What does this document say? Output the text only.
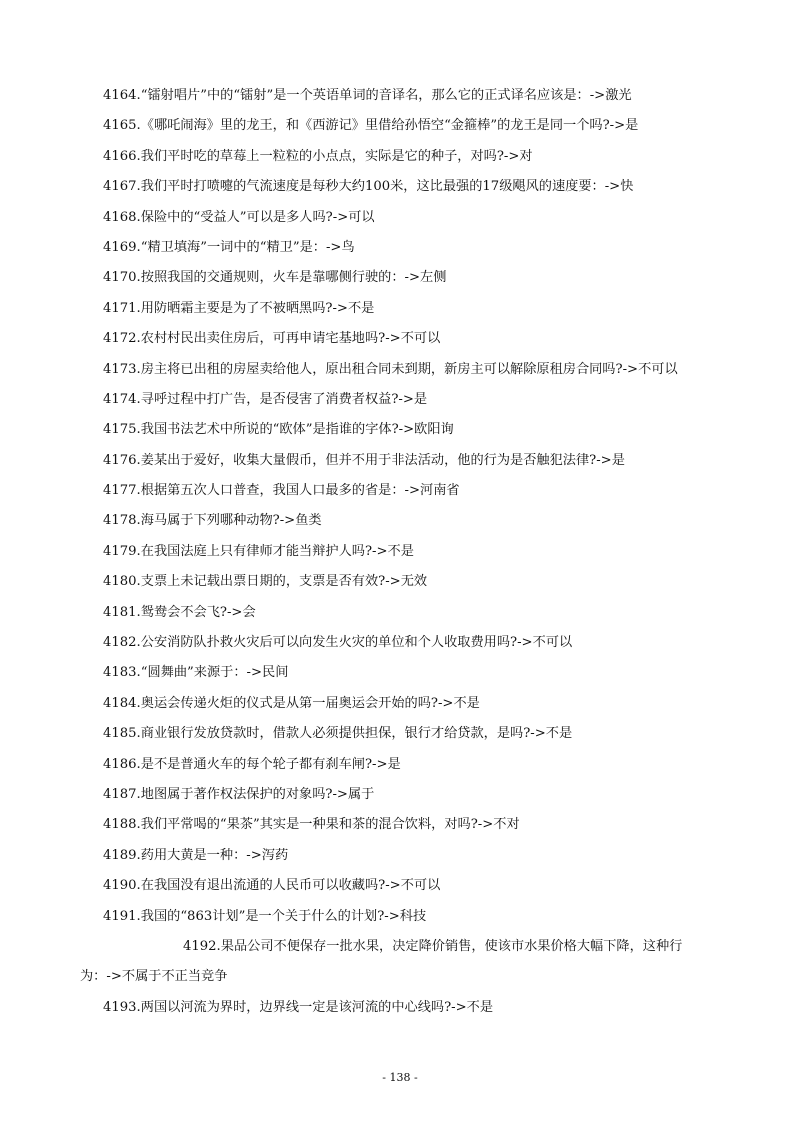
4164.“镭射唱片”中的“镭射”是一个英语单词的音译名，那么它的正式译名应该是：->激光
4165.《哪吒闹海》里的龙王，和《西游记》里借给孙悟空“金箍棒”的龙王是同一个吗?->是
4166.我们平时吃的草莓上一粒粒的小点点，实际是它的种子，对吗?->对
4167.我们平时打喷嚏的气流速度是每秒大约100米，这比最强的17级飓风的速度要：->快
4168.保险中的“受益人”可以是多人吗?->可以
4169.“精卫填海”一词中的“精卫”是：->鸟
4170.按照我国的交通规则，火车是靠哪侧行驶的：->左侧
4171.用防晒霜主要是为了不被晒黑吗?->不是
4172.农村村民出卖住房后，可再申请宅基地吗?->不可以
4173.房主将已出租的房屋卖给他人，原出租合同未到期，新房主可以解除原租房合同吗?->不可以
4174.寻呼过程中打广告，是否侵害了消费者权益?->是
4175.我国书法艺术中所说的“欧体”是指谁的字体?->欧阳询
4176.姜某出于爱好，收集大量假币，但并不用于非法活动，他的行为是否触犯法律?->是
4177.根据第五次人口普查，我国人口最多的省是：->河南省
4178.海马属于下列哪种动物?->鱼类
4179.在我国法庭上只有律师才能当辩护人吗?->不是
4180.支票上未记载出票日期的，支票是否有效?->无效
4181.鸳鸯会不会飞?->会
4182.公安消防队扑救火灾后可以向发生火灾的单位和个人收取费用吗?->不可以
4183.“圆舞曲”来源于：->民间
4184.奥运会传递火炬的仪式是从第一届奥运会开始的吗?->不是
4185.商业银行发放贷款时，借款人必须提供担保，银行才给贷款，是吗?->不是
4186.是不是普通火车的每个轮子都有刹车闸?->是
4187.地图属于著作权法保护的对象吗?->属于
4188.我们平常喝的“果茶”其实是一种果和茶的混合饮料，对吗?->不对
4189.药用大黄是一种：->泻药
4190.在我国没有退出流通的人民币可以收藏吗?->不可以
4191.我国的“863计划”是一个关于什么的计划?->科技
4192.果品公司不便保存一批水果，决定降价销售，使该市水果价格大幅下降，这种行为：->不属于不正当竞争
4193.两国以河流为界时，边界线一定是该河流的中心线吗?->不是
- 138 -
